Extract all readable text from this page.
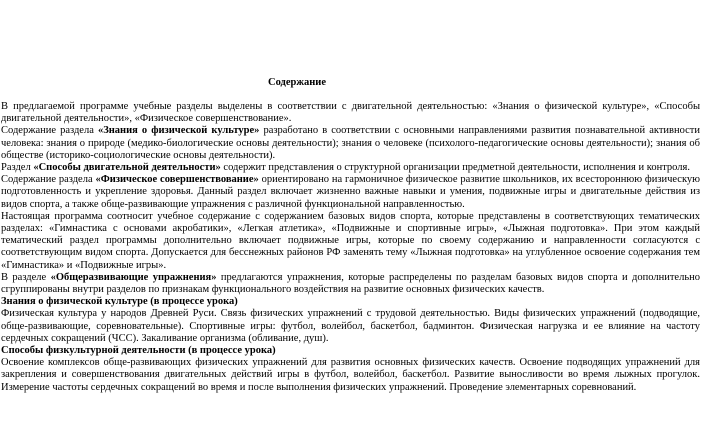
Содержание

В предлагаемой программе учебные разделы выделены в соответствии с двигательной деятельностью: «Знания о физической культуре», «Способы двигательной деятельности», «Физическое совершенствование».

Содержание раздела «Знания о физической культуре» разработано в соответствии с основными направлениями развития познавательной активности человека: знания о природе (медико-биологические основы деятельности); знания о человеке (психолого-педагогические основы деятельности); знания об обществе (историко-социологические основы деятельности).

Раздел «Способы двигательной деятельности» содержит представления о структурной организации предметной деятельности, исполнения и контроля.

Содержание раздела «Физическое совершенствование» ориентировано на гармоничное физическое развитие школьников, их всестороннюю физическую подготовленность и укрепление здоровья. Данный раздел включает жизненно важные навыки и умения, подвижные игры и двигательные действия из видов спорта, а также обще-развивающие упражнения с различной функциональной направленностью.

Настоящая программа соотносит учебное содержание с содержанием базовых видов спорта, которые представлены в соответствующих тематических разделах: «Гимнастика с основами акробатики», «Легкая атлетика», «Подвижные и спортивные игры», «Лыжная подготовка». При этом каждый тематический раздел программы дополнительно включает подвижные игры, которые по своему содержанию и направленности согласуются с соответствующим видом спорта. Допускается для бесснежных районов РФ заменять тему «Лыжная подготовка» на углубленное освоение содержания тем «Гимнастика» и «Подвижные игры».

В разделе «Общеразвивающие упражнения» предлагаются упражнения, которые распределены по разделам базовых видов спорта и дополнительно сгруппированы внутри разделов по признакам функционального воздействия на развитие основных физических качеств.

Знания о физической культуре (в процессе урока)

Физическая культура у народов Древней Руси. Связь физических упражнений с трудовой деятельностью. Виды физических упражнений (подводящие, обще-развивающие, соревновательные). Спортивные игры: футбол, волейбол, баскетбол, бадминтон. Физическая нагрузка и ее влияние на частоту сердечных сокращений (ЧСС). Закаливание организма (обливание, душ).

Способы физкультурной деятельности (в процессе урока)

Освоение комплексов обще-развивающих физических упражнений для развития основных физических качеств. Освоение подводящих упражнений для закрепления и совершенствования двигательных действий игры в футбол, волейбол, баскетбол. Развитие выносливости во время лыжных прогулок. Измерение частоты сердечных сокращений во время и после выполнения физических упражнений. Проведение элементарных соревнований.
